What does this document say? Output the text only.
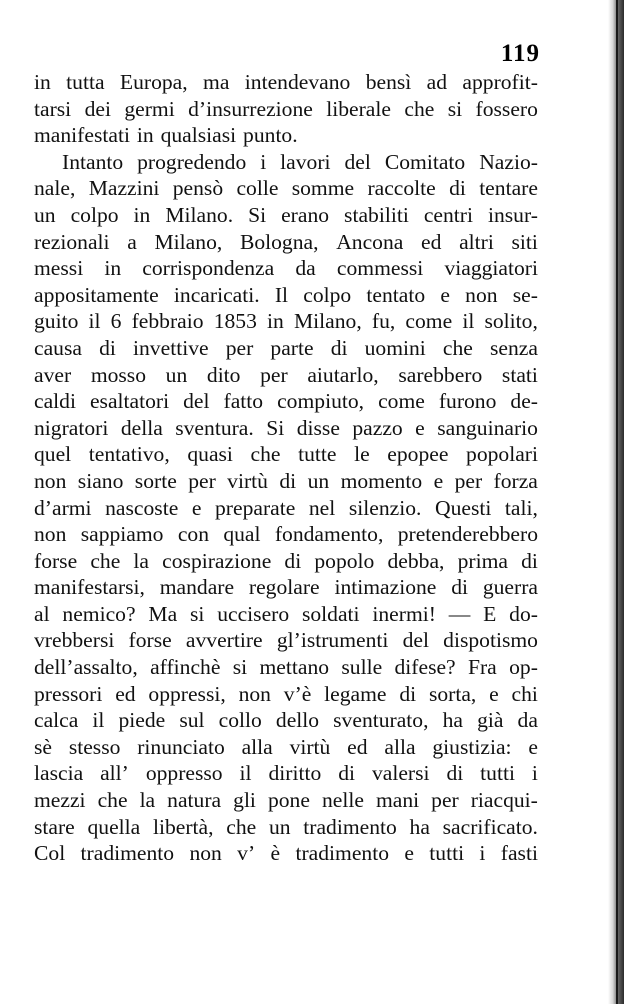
119
in tutta Europa, ma intendevano bensì ad approfit-
tarsi dei germi d’insurrezione liberale che si fossero
manifestati in qualsiasi punto.
Intanto progredendo i lavori del Comitato Nazio-
nale, Mazzini pensò colle somme raccolte di tentare
un colpo in Milano. Si erano stabiliti centri insur-
rezionali a Milano, Bologna, Ancona ed altri siti
messi in corrispondenza da commessi viaggiatori
appositamente incaricati. Il colpo tentato e non se-
guito il 6 febbraio 1853 in Milano, fu, come il solito,
causa di invettive per parte di uomini che senza
aver mosso un dito per aiutarlo, sarebbero stati
caldi esaltatori del fatto compiuto, come furono de-
nigratori della sventura. Si disse pazzo e sanguinario
quel tentativo, quasi che tutte le epopee popolari
non siano sorte per virtù di un momento e per forza
d’armi nascoste e preparate nel silenzio. Questi tali,
non sappiamo con qual fondamento, pretenderebbero
forse che la cospirazione di popolo debba, prima di
manifestarsi, mandare regolare intimazione di guerra
al nemico? Ma si uccisero soldati inermi! — E do-
vrebbersi forse avvertire gl’istrumenti del dispotismo
dell’assalto, affinchè si mettano sulle difese? Fra op-
pressori ed oppressi, non v’è legame di sorta, e chi
calca il piede sul collo dello sventurato, ha già da
sè stesso rinunciato alla virtù ed alla giustizia: e
lascia all’ oppresso il diritto di valersi di tutti i
mezzi che la natura gli pone nelle mani per riacqui-
stare quella libertà, che un tradimento ha sacrificato.
Col tradimento non v’ è tradimento e tutti i fasti
